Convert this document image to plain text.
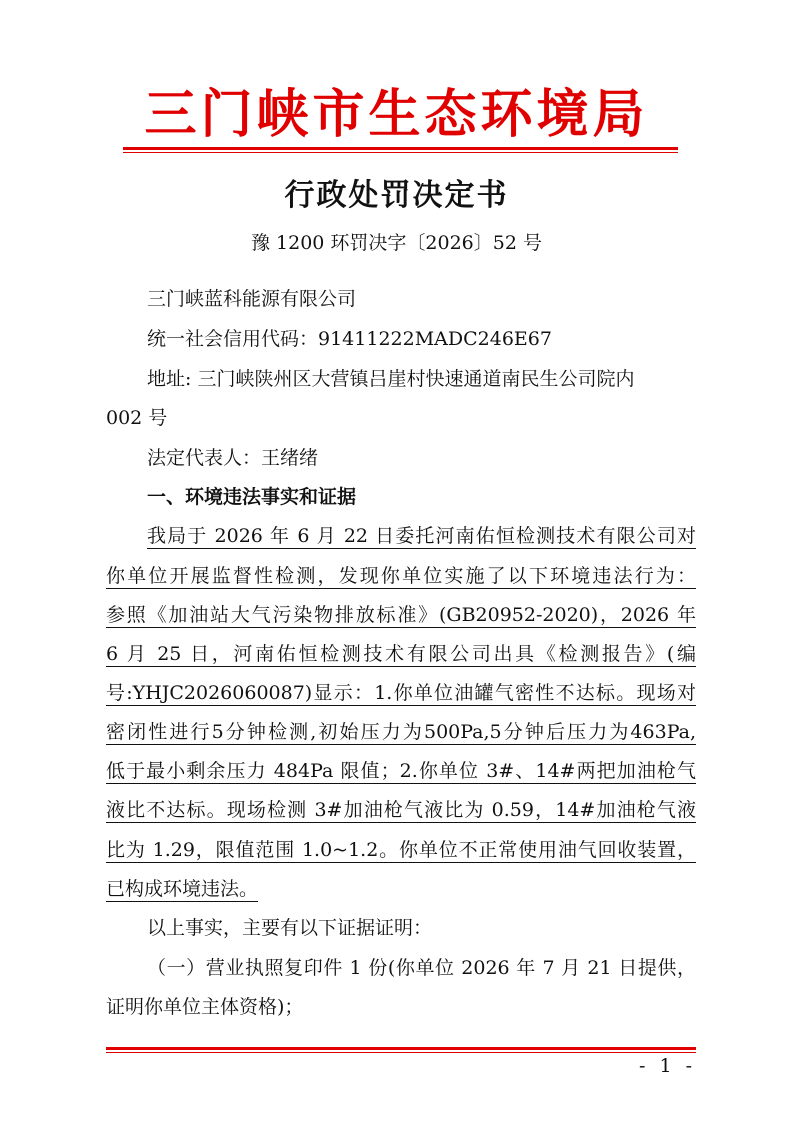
三门峡市生态环境局
行政处罚决定书
豫 1200 环罚决字〔2026〕52 号
三门峡蓝科能源有限公司
统一社会信用代码：91411222MADC246E67
地址: 三门峡陕州区大营镇吕崖村快速通道南民生公司院内
002 号
法定代表人：王绪绪
一、环境违法事实和证据
我局于 2026 年 6 月 22 日委托河南佑恒检测技术有限公司对
你单位开展监督性检测，发现你单位实施了以下环境违法行为：
参照《加油站大气污染物排放标准》(GB20952-2020)，2026 年
6 月 25 日，河南佑恒检测技术有限公司出具《检测报告》(编
号:YHJC2026060087)显示：1.你单位油罐气密性不达标。现场对
密闭性进行5分钟检测,初始压力为500Pa,5分钟后压力为463Pa,
低于最小剩余压力 484Pa 限值；2.你单位 3#、14#两把加油枪气
液比不达标。现场检测 3#加油枪气液比为 0.59，14#加油枪气液
比为 1.29，限值范围 1.0~1.2。你单位不正常使用油气回收装置，
已构成环境违法。
以上事实，主要有以下证据证明：
（一）营业执照复印件 1 份(你单位 2026 年 7 月 21 日提供，
证明你单位主体资格)；
- 1 -
